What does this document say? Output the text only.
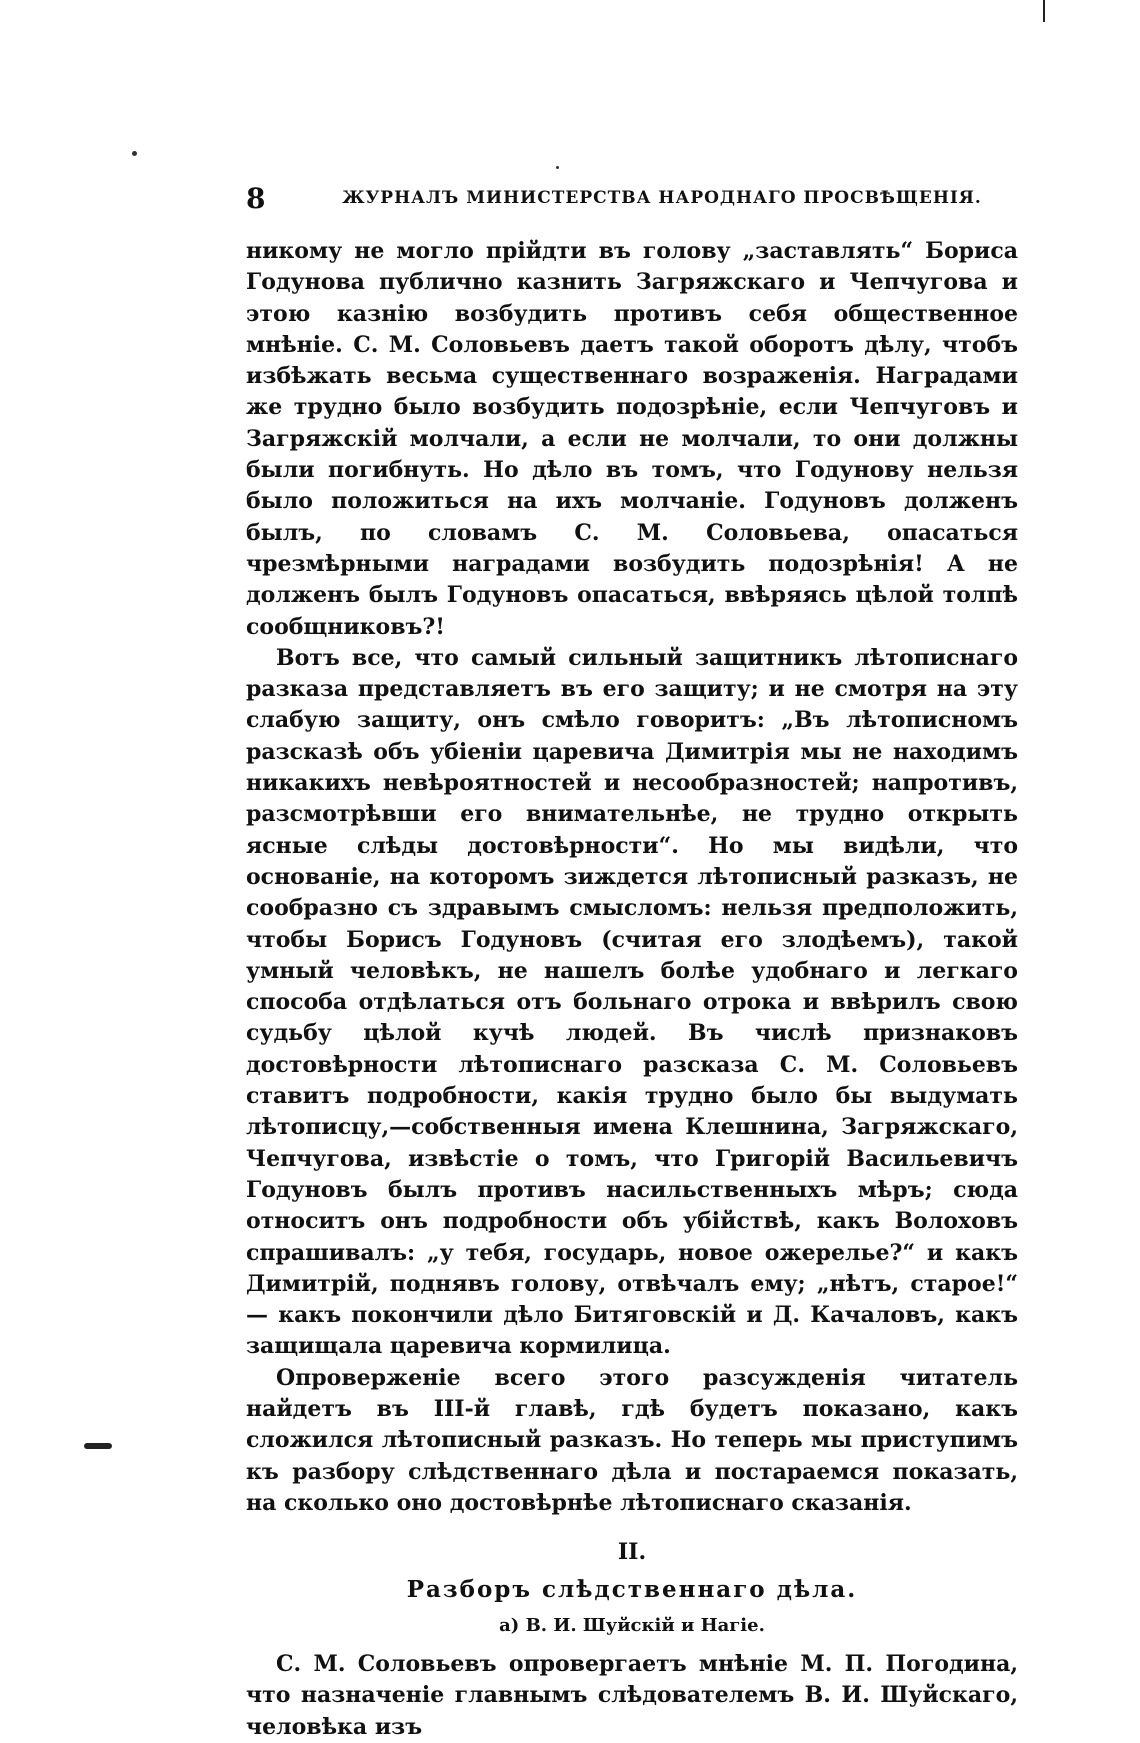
8	ЖУРНАЛЪ МИНИСТЕРСТВА НАРОДНАГО ПРОСВѢЩЕНІЯ.

никому не могло прійдти въ голову „заставлять“ Бориса Годунова публично казнить Загряжскаго и Чепчугова и этою казнію возбудить противъ себя общественное мнѣніе. С. М. Соловьевъ даетъ такой оборотъ дѣлу, чтобъ избѣжать весьма существеннаго возраженія. Наградами же трудно было возбудить подозрѣніе, если Чепчуговъ и Загряжскій молчали, а если не молчали, то они должны были погибнуть. Но дѣло въ томъ, что Годунову нельзя было положиться на ихъ молчаніе. Годуновъ долженъ былъ, по словамъ С. М. Соловьева, опасаться чрезмѣрными наградами возбудить подозрѣнія! А не долженъ былъ Годуновъ опасаться, ввѣряясь цѣлой толпѣ сообщниковъ?!

Вотъ все, что самый сильный защитникъ лѣтописнаго разказа представляетъ въ его защиту; и не смотря на эту слабую защиту, онъ смѣло говоритъ: „Въ лѣтописномъ разсказѣ объ убіеніи царевича Димитрія мы не находимъ никакихъ невѣроятностей и несообразностей; напротивъ, разсмотрѣвши его внимательнѣе, не трудно открыть ясные слѣды достовѣрности“. Но мы видѣли, что основаніе, на которомъ зиждется лѣтописный разказъ, не сообразно съ здравымъ смысломъ: нельзя предположить, чтобы Борисъ Годуновъ (считая его злодѣемъ), такой умный человѣкъ, не нашелъ болѣе удобнаго и легкаго способа отдѣлаться отъ больнаго отрока и ввѣрилъ свою судьбу цѣлой кучѣ людей. Въ числѣ признаковъ достовѣрности лѣтописнаго разсказа С. М. Соловьевъ ставитъ подробности, какія трудно было бы выдумать лѣтописцу,—собственныя имена Клешнина, Загряжскаго, Чепчугова, извѣстіе о томъ, что Григорій Васильевичъ Годуновъ былъ противъ насильственныхъ мѣръ; сюда относитъ онъ подробности объ убійствѣ, какъ Волоховъ спрашивалъ: „у тебя, государь, новое ожерелье?“ и какъ Димитрій, поднявъ голову, отвѣчалъ ему; „нѣтъ, старое!“ — какъ покончили дѣло Битяговскій и Д. Качаловъ, какъ защищала царевича кормилица.

Опроверженіе всего этого разсужденія читатель найдетъ въ III-й главѣ, гдѣ будетъ показано, какъ сложился лѣтописный разказъ. Но теперь мы приступимъ къ разбору слѣдственнаго дѣла и постараемся показать, на сколько оно достовѣрнѣе лѣтописнаго сказанія.

II.
Разборъ слѣдственнаго дѣла.
а) В. И. Шуйскій и Нагіе.

С. М. Соловьевъ опровергаетъ мнѣніе М. П. Погодина, что назначеніе главнымъ слѣдователемъ В. И. Шуйскаго, человѣка изъ
